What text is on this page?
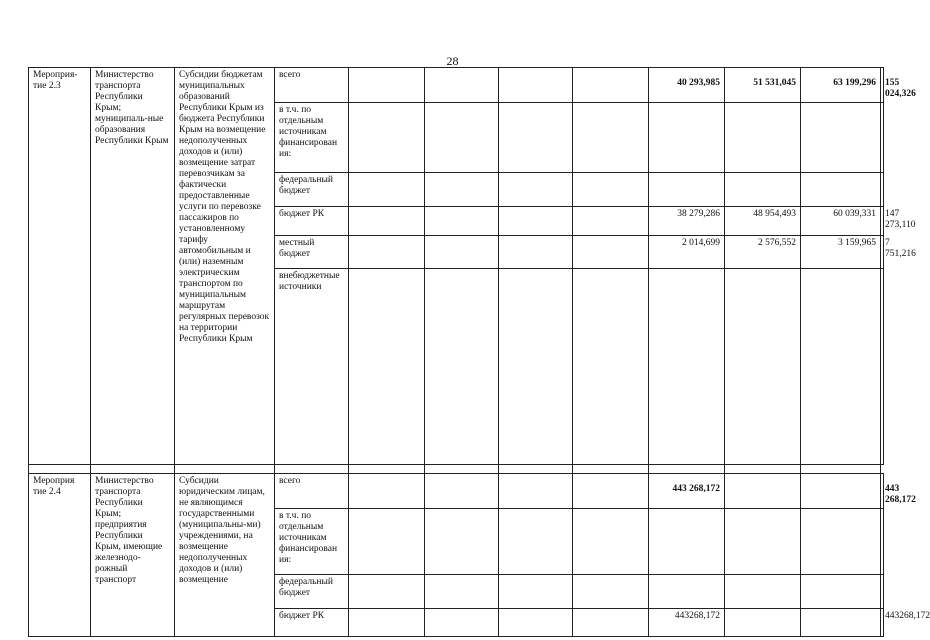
28
Мероприя-тие 2.3	Министерство транспорта Республики Крым; муниципаль-ные образования Республики Крым	Субсидии бюджетам муниципальных образований Республики Крым из бюджета Республики Крым на возмещение недополученных доходов и (или) возмещение затрат перевозчикам за фактически предоставленные услуги по перевозке пассажиров по установленному тарифу автомобильным и (или) наземным электрическим транспортом по муниципальным маршрутам регулярных перевозок на территории Республики Крым	всего					40 293,985	51 531,045	63 199,296	155 024,326
			в т.ч. по отдельным источникам финансирован ия:								
			федеральный бюджет								
			бюджет РК					38 279,286	48 954,493	60 039,331	147 273,110
			местный бюджет					2 014,699	2 576,552	3 159,965	7 751,216
			внебюджетные источники								

Мероприя тие 2.4	Министерство транспорта Республики Крым; предприятия Республики Крым, имеющие железнодо-рожный транспорт	Субсидии юридическим лицам, не являющимся государственными (муниципальны-ми) учреждениями, на возмещение недополученных доходов и (или) возмещение	всего					443 268,172			443 268,172
			в т.ч. по отдельным источникам финансирован ия:								
			федеральный бюджет								
			бюджет РК					443268,172			443268,172
